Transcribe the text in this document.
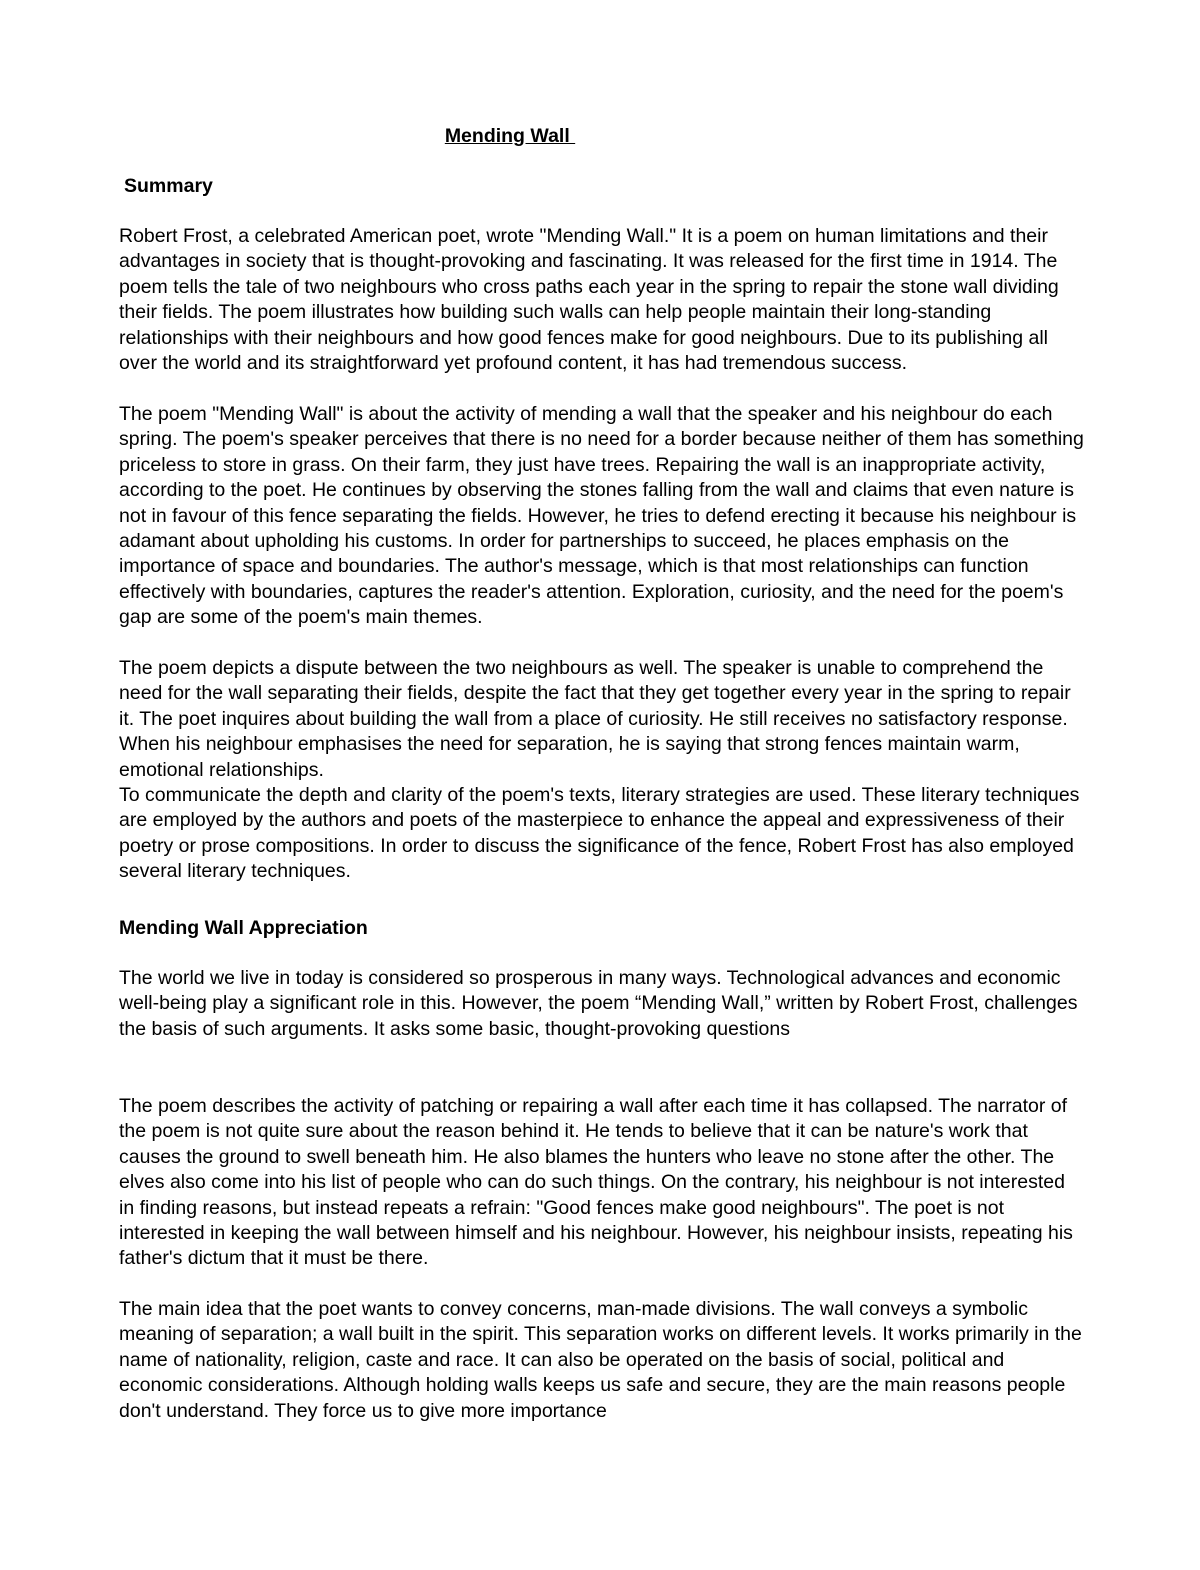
Mending Wall
Summary

Robert Frost, a celebrated American poet, wrote "Mending Wall." It is a poem on human limitations and their advantages in society that is thought-provoking and fascinating. It was released for the first time in 1914. The poem tells the tale of two neighbours who cross paths each year in the spring to repair the stone wall dividing their fields. The poem illustrates how building such walls can help people maintain their long-standing relationships with their neighbours and how good fences make for good neighbours. Due to its publishing all over the world and its straightforward yet profound content, it has had tremendous success.

The poem "Mending Wall" is about the activity of mending a wall that the speaker and his neighbour do each spring. The poem's speaker perceives that there is no need for a border because neither of them has something priceless to store in grass. On their farm, they just have trees. Repairing the wall is an inappropriate activity, according to the poet. He continues by observing the stones falling from the wall and claims that even nature is not in favour of this fence separating the fields. However, he tries to defend erecting it because his neighbour is adamant about upholding his customs. In order for partnerships to succeed, he places emphasis on the importance of space and boundaries. The author's message, which is that most relationships can function effectively with boundaries, captures the reader's attention. Exploration, curiosity, and the need for the poem's gap are some of the poem's main themes.

The poem depicts a dispute between the two neighbours as well. The speaker is unable to comprehend the need for the wall separating their fields, despite the fact that they get together every year in the spring to repair it. The poet inquires about building the wall from a place of curiosity. He still receives no satisfactory response. When his neighbour emphasises the need for separation, he is saying that strong fences maintain warm, emotional relationships.

To communicate the depth and clarity of the poem's texts, literary strategies are used. These literary techniques are employed by the authors and poets of the masterpiece to enhance the appeal and expressiveness of their poetry or prose compositions. In order to discuss the significance of the fence, Robert Frost has also employed several literary techniques.

Mending Wall Appreciation

The world we live in today is considered so prosperous in many ways. Technological advances and economic well-being play a significant role in this. However, the poem “Mending Wall,” written by Robert Frost, challenges the basis of such arguments. It asks some basic, thought-provoking questions

The poem describes the activity of patching or repairing a wall after each time it has collapsed. The narrator of the poem is not quite sure about the reason behind it. He tends to believe that it can be nature's work that causes the ground to swell beneath him. He also blames the hunters who leave no stone after the other. The elves also come into his list of people who can do such things. On the contrary, his neighbour is not interested in finding reasons, but instead repeats a refrain: "Good fences make good neighbours". The poet is not interested in keeping the wall between himself and his neighbour. However, his neighbour insists, repeating his father's dictum that it must be there.

The main idea that the poet wants to convey concerns, man-made divisions. The wall conveys a symbolic meaning of separation; a wall built in the spirit. This separation works on different levels. It works primarily in the name of nationality, religion, caste and race. It can also be operated on the basis of social, political and economic considerations. Although holding walls keeps us safe and secure, they are the main reasons people don't understand. They force us to give more importance
